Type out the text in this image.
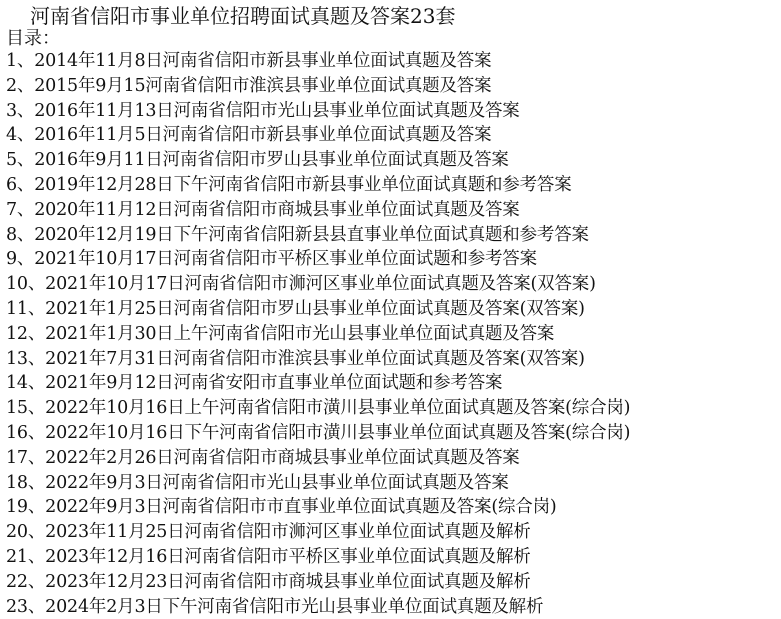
河南省信阳市事业单位招聘面试真题及答案23套
目录：
1、2014年11月8日河南省信阳市新县事业单位面试真题及答案
2、2015年9月15河南省信阳市淮滨县事业单位面试真题及答案
3、2016年11月13日河南省信阳市光山县事业单位面试真题及答案
4、2016年11月5日河南省信阳市新县事业单位面试真题及答案
5、2016年9月11日河南省信阳市罗山县事业单位面试真题及答案
6、2019年12月28日下午河南省信阳市新县事业单位面试真题和参考答案
7、2020年11月12日河南省信阳市商城县事业单位面试真题及答案
8、2020年12月19日下午河南省信阳新县县直事业单位面试真题和参考答案
9、2021年10月17日河南省信阳市平桥区事业单位面试题和参考答案
10、2021年10月17日河南省信阳市浉河区事业单位面试真题及答案(双答案)
11、2021年1月25日河南省信阳市罗山县事业单位面试真题及答案(双答案)
12、2021年1月30日上午河南省信阳市光山县事业单位面试真题及答案
13、2021年7月31日河南省信阳市淮滨县事业单位面试真题及答案(双答案)
14、2021年9月12日河南省安阳市直事业单位面试题和参考答案
15、2022年10月16日上午河南省信阳市潢川县事业单位面试真题及答案(综合岗)
16、2022年10月16日下午河南省信阳市潢川县事业单位面试真题及答案(综合岗)
17、2022年2月26日河南省信阳市商城县事业单位面试真题及答案
18、2022年9月3日河南省信阳市光山县事业单位面试真题及答案
19、2022年9月3日河南省信阳市市直事业单位面试真题及答案(综合岗)
20、2023年11月25日河南省信阳市浉河区事业单位面试真题及解析
21、2023年12月16日河南省信阳市平桥区事业单位面试真题及解析
22、2023年12月23日河南省信阳市商城县事业单位面试真题及解析
23、2024年2月3日下午河南省信阳市光山县事业单位面试真题及解析
